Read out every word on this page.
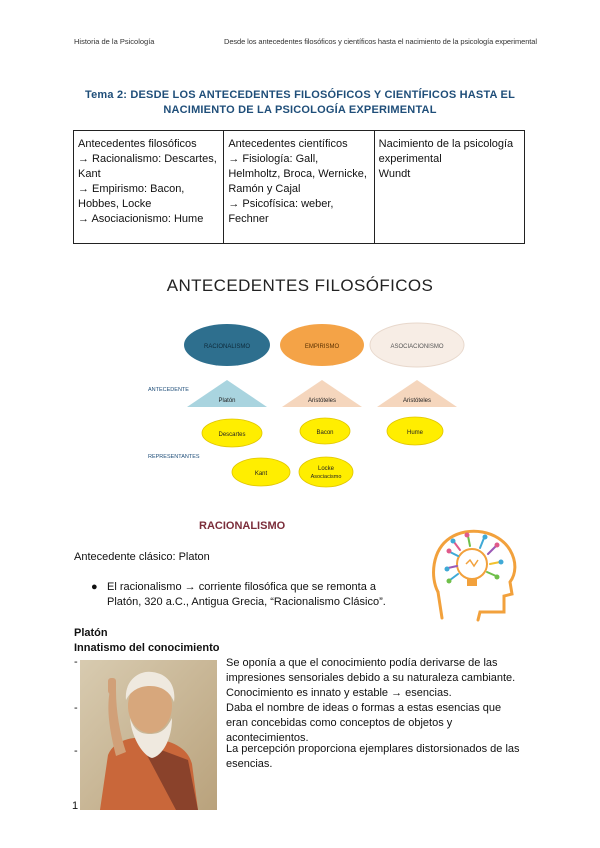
Historia de la Psicología	Desde los antecedentes filosóficos y científicos hasta el nacimiento de la psicología experimental
Tema 2: DESDE LOS ANTECEDENTES FILOSÓFICOS Y CIENTÍFICOS HASTA EL
NACIMIENTO DE LA PSICOLOGÍA EXPERIMENTAL
Antecedentes filosóficos
→ Racionalismo: Descartes,
Kant
→ Empirismo: Bacon,
Hobbes, Locke
→ Asociacionismo: Hume

Antecedentes científicos
→ Fisiología: Gall,
Helmholtz, Broca, Wernicke,
Ramón y Cajal
→ Psicofísica: weber,
Fechner

Nacimiento de la psicología
experimental
Wundt
ANTECEDENTES FILOSÓFICOS
RACIONALISMO	EMPIRISMO	ASOCIACIONISMO
ANTECEDENTE
Platón	Aristóteles	Aristóteles
Descartes	Bacon	Hume
REPRESENTANTES
Kant
Locke
Asociacismo
RACIONALISMO
Antecedente clásico: Platon
● El racionalismo → corriente filosófica que se remonta a
Platón, 320 a.C., Antigua Grecia, “Racionalismo Clásico”.
Platón
Innatismo del conocimiento
-	Se oponía a que el conocimiento podía derivarse de las
impresiones sensoriales debido a su naturaleza cambiante.
Conocimiento es innato y estable → esencias.
-	Daba el nombre de ideas o formas a estas esencias que
eran concebidas como conceptos de objetos y
acontecimientos.
-	La percepción proporciona ejemplares distorsionados de las
esencias.
1
